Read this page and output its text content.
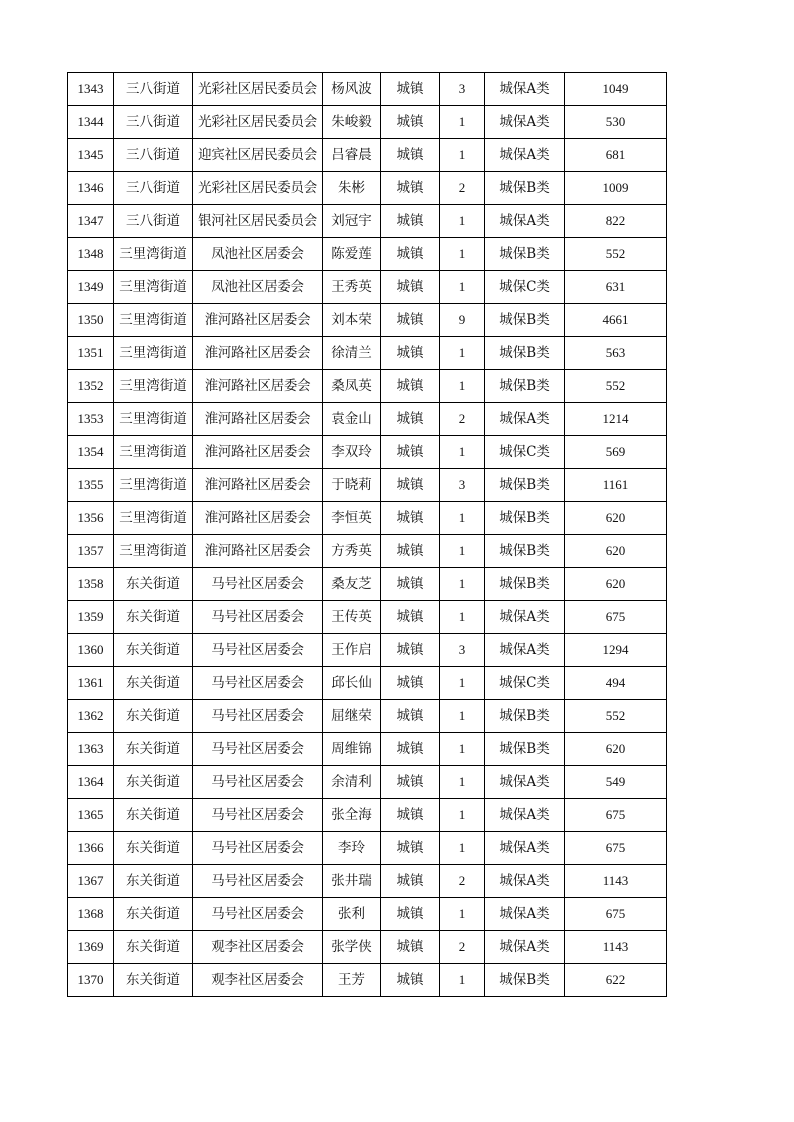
1343	三八街道	光彩社区居民委员会	杨风波	城镇	3	城保A类	1049
1344	三八街道	光彩社区居民委员会	朱峻毅	城镇	1	城保A类	530
1345	三八街道	迎宾社区居民委员会	吕睿晨	城镇	1	城保A类	681
1346	三八街道	光彩社区居民委员会	朱彬	城镇	2	城保B类	1009
1347	三八街道	银河社区居民委员会	刘冠宇	城镇	1	城保A类	822
1348	三里湾街道	凤池社区居委会	陈爱莲	城镇	1	城保B类	552
1349	三里湾街道	凤池社区居委会	王秀英	城镇	1	城保C类	631
1350	三里湾街道	淮河路社区居委会	刘本荣	城镇	9	城保B类	4661
1351	三里湾街道	淮河路社区居委会	徐清兰	城镇	1	城保B类	563
1352	三里湾街道	淮河路社区居委会	桑凤英	城镇	1	城保B类	552
1353	三里湾街道	淮河路社区居委会	袁金山	城镇	2	城保A类	1214
1354	三里湾街道	淮河路社区居委会	李双玲	城镇	1	城保C类	569
1355	三里湾街道	淮河路社区居委会	于晓莉	城镇	3	城保B类	1161
1356	三里湾街道	淮河路社区居委会	李恒英	城镇	1	城保B类	620
1357	三里湾街道	淮河路社区居委会	方秀英	城镇	1	城保B类	620
1358	东关街道	马号社区居委会	桑友芝	城镇	1	城保B类	620
1359	东关街道	马号社区居委会	王传英	城镇	1	城保A类	675
1360	东关街道	马号社区居委会	王作启	城镇	3	城保A类	1294
1361	东关街道	马号社区居委会	邱长仙	城镇	1	城保C类	494
1362	东关街道	马号社区居委会	屈继荣	城镇	1	城保B类	552
1363	东关街道	马号社区居委会	周维锦	城镇	1	城保B类	620
1364	东关街道	马号社区居委会	余清利	城镇	1	城保A类	549
1365	东关街道	马号社区居委会	张全海	城镇	1	城保A类	675
1366	东关街道	马号社区居委会	李玲	城镇	1	城保A类	675
1367	东关街道	马号社区居委会	张井瑞	城镇	2	城保A类	1143
1368	东关街道	马号社区居委会	张利	城镇	1	城保A类	675
1369	东关街道	观李社区居委会	张学侠	城镇	2	城保A类	1143
1370	东关街道	观李社区居委会	王芳	城镇	1	城保B类	622
